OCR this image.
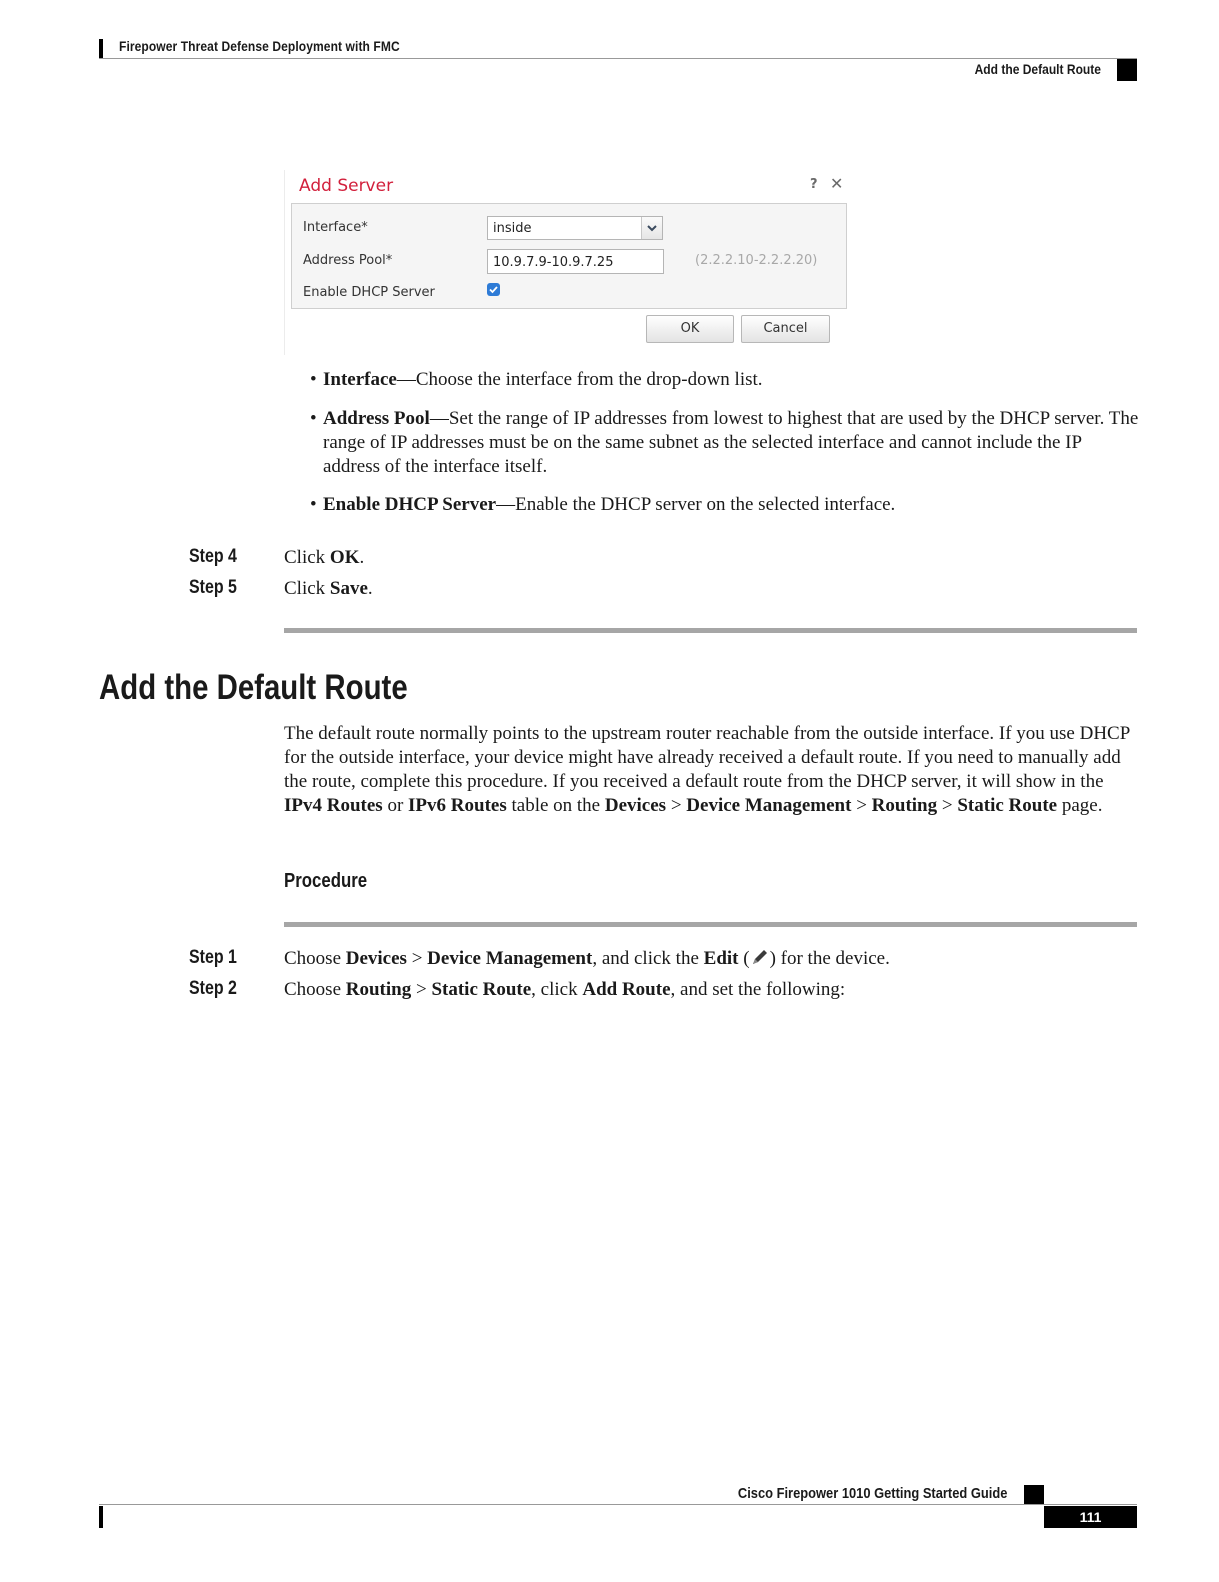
Firepower Threat Defense Deployment with FMC
Add the Default Route
Add Server	? ✕
Interface*	inside
Address Pool*	10.9.7.9-10.9.7.25	(2.2.2.10-2.2.2.20)
Enable DHCP Server
OK	Cancel
• Interface—Choose the interface from the drop-down list.
• Address Pool—Set the range of IP addresses from lowest to highest that are used by the DHCP server. The range of IP addresses must be on the same subnet as the selected interface and cannot include the IP address of the interface itself.
• Enable DHCP Server—Enable the DHCP server on the selected interface.
Step 4 Click OK.
Step 5 Click Save.
Add the Default Route
The default route normally points to the upstream router reachable from the outside interface. If you use DHCP for the outside interface, your device might have already received a default route. If you need to manually add the route, complete this procedure. If you received a default route from the DHCP server, it will show in the IPv4 Routes or IPv6 Routes table on the Devices > Device Management > Routing > Static Route page.
Procedure
Step 1 Choose Devices > Device Management, and click the Edit ( ) for the device.
Step 2 Choose Routing > Static Route, click Add Route, and set the following:
Cisco Firepower 1010 Getting Started Guide
111
